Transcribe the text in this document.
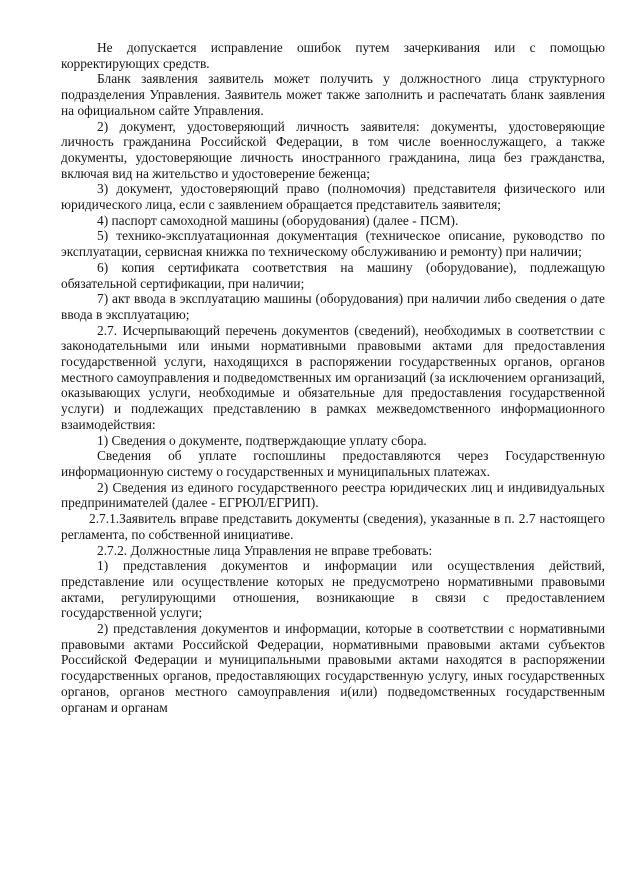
Не допускается исправление ошибок путем зачеркивания или с помощью корректирующих средств.

Бланк заявления заявитель может получить у должностного лица структурного подразделения Управления. Заявитель может также заполнить и распечатать бланк заявления на официальном сайте Управления.

2) документ, удостоверяющий личность заявителя: документы, удостоверяющие личность гражданина Российской Федерации, в том числе военнослужащего, а также документы, удостоверяющие личность иностранного гражданина, лица без гражданства, включая вид на жительство и удостоверение беженца;

3) документ, удостоверяющий право (полномочия) представителя физического или юридического лица, если с заявлением обращается представитель заявителя;

4) паспорт самоходной машины (оборудования) (далее - ПСМ).

5) технико-эксплуатационная документация (техническое описание, руководство по эксплуатации, сервисная книжка по техническому обслуживанию и ремонту) при наличии;

6) копия сертификата соответствия на машину (оборудование), подлежащую обязательной сертификации, при наличии;

7) акт ввода в эксплуатацию машины (оборудования) при наличии либо сведения о дате ввода в эксплуатацию;

2.7. Исчерпывающий перечень документов (сведений), необходимых в соответствии с законодательными или иными нормативными правовыми актами для предоставления государственной услуги, находящихся в распоряжении государственных органов, органов местного самоуправления и подведомственных им организаций (за исключением организаций, оказывающих услуги, необходимые и обязательные для предоставления государственной услуги) и подлежащих представлению в рамках межведомственного информационного взаимодействия:

1) Сведения о документе, подтверждающие уплату сбора.

Сведения об уплате госпошлины предоставляются через Государственную информационную систему о государственных и муниципальных платежах.

2) Сведения из единого государственного реестра юридических лиц и индивидуальных предпринимателей (далее - ЕГРЮЛ/ЕГРИП).

2.7.1.Заявитель вправе представить документы (сведения), указанные в п. 2.7 настоящего регламента, по собственной инициативе.

2.7.2. Должностные лица Управления не вправе требовать:

1) представления документов и информации или осуществления действий, представление или осуществление которых не предусмотрено нормативными правовыми актами, регулирующими отношения, возникающие в связи с предоставлением государственной услуги;

2) представления документов и информации, которые в соответствии с нормативными правовыми актами Российской Федерации, нормативными правовыми актами субъектов Российской Федерации и муниципальными правовыми актами находятся в распоряжении государственных органов, предоставляющих государственную услугу, иных государственных органов, органов местного самоуправления и(или) подведомственных государственным органам и органам
